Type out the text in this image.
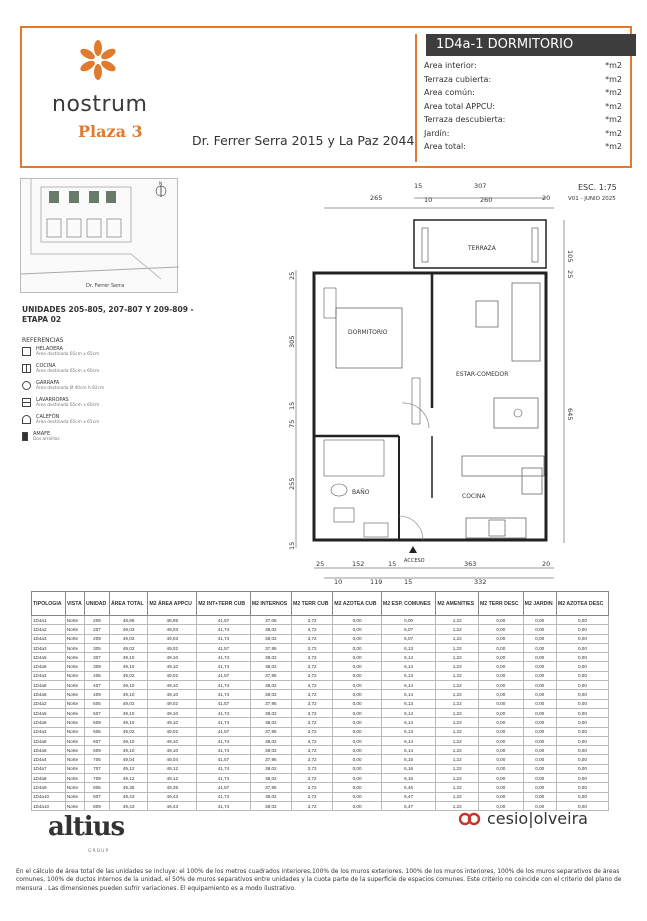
nostrum
Plaza 3	Dr. Ferrer Serra 2015 y La Paz 2044
1D4a-1 DORMITORIO
Area interior:	*m2
Terraza cubierta:	*m2
Area común:	*m2
Area total APPCU:	*m2
Terraza descubierta:	*m2
Jardín:	*m2
Area total:	*m2
N
Dr. Ferrer Serra
UNIDADES 205-805, 207-807 Y 209-809 - ETAPA 02
REFERENCIAS
HELADERA
Área destinada 65cm x 65cm
COCINA
Área destinada 65cm x 60cm
GARRAFA
Área destinada Ø 40cm h:92cm
LAVARROPAS
Área destinada 65cm x 60cm
CALEFÓN
Área destinada 65cm x 65cm
AMAFE
Dos arrolllos
ESC. 1:75
V01 - JUNIO 2025
TERRAZA
DORMITORIO
ESTAR-COMEDOR
BAÑO
COCINA
ACCESO
307
15
265	10	260	20
105
25
645
25
305
15
75
255
15
25	152	15	363	20
10	119	332
15
TIPOLOGIA	VISTA	UNIDAD	ÁREA TOTAL	M2 ÁREA APPCU	M2 INT+TERR CUB	M2 INTERNOS	M2 TERR CUB	M2 AZOTEA CUB	M2 ESP. COMUNES	M2 AMENITIES	M2 TERR DESC	M2 JARDIN	M2 AZOTEA DESC
1D4a1	Norte	206	48,95	48,95	41,57	37,05	3,72	0,00	0,00	1,22	0,00	0,00	0,00
1D4a2	Norte	207	49,03	49,03	41,74	38,02	3,72	0,00	5,07	1,22	0,00	0,00	0,00
1D4a3	Norte	209	49,03	49,03	41,74	38,02	3,72	0,00	5,07	1,22	0,00	0,00	0,00
1D4a2	Norte	305	49,02	49,02	41,57	37,95	3,72	0,00	6,13	1,22	0,00	0,00	0,00
1D4a5	Norte	307	49,10	49,10	41,74	38,02	3,72	0,00	6,14	1,22	0,00	0,00	0,00
1D4a6	Norte	309	49,10	49,10	41,74	38,02	3,72	0,00	6,14	1,22	0,00	0,00	0,00
1D4a2	Norte	405	49,02	49,02	41,57	37,95	3,72	0,00	6,13	1,22	0,00	0,00	0,00
1D4a8	Norte	407	49,10	49,10	41,74	38,02	3,72	0,00	6,14	1,22	0,00	0,00	0,00
1D4a6	Norte	409	49,10	49,10	41,74	38,02	3,72	0,00	6,14	1,22	0,00	0,00	0,00
1D4a2	Norte	505	49,02	49,02	41,57	37,95	3,72	0,00	6,13	1,22	0,00	0,00	0,00
1D4a5	Norte	507	49,10	49,10	41,74	38,02	3,72	0,00	6,14	1,22	0,00	0,00	0,00
1D4a6	Norte	509	49,10	49,10	41,74	38,02	3,72	0,00	6,14	1,22	0,00	0,00	0,00
1D4a2	Norte	605	49,02	49,02	41,57	37,95	3,72	0,00	6,13	1,22	0,00	0,00	0,00
1D4a8	Norte	607	49,10	49,10	41,74	38,02	3,72	0,00	6,14	1,22	0,00	0,00	0,00
1D4a6	Norte	609	49,10	49,10	41,74	38,02	3,72	0,00	6,14	1,22	0,00	0,00	0,00
1D4a4	Norte	705	49,04	49,04	41,57	37,95	3,72	0,00	6,15	1,22	0,00	0,00	0,00
1D4a7	Norte	707	49,12	49,12	41,74	38,02	3,72	0,00	6,16	1,22	0,00	0,00	0,00
1D4a8	Norte	709	49,12	49,12	41,74	38,02	3,72	0,00	6,16	1,22	0,00	0,00	0,00
1D4a9	Norte	805	49,35	49,35	41,57	37,95	3,72	0,00	6,46	1,22	0,00	0,00	0,00
1D4a10	Norte	807	49,43	49,43	41,74	38,02	3,72	0,00	6,47	1,22	0,00	0,00	0,00
1D4a10	Norte	809	49,43	49,43	41,74	38,02	3,72	0,00	6,47	1,22	0,00	0,00	0,00
altius
GROUP
cesio|olveira
En el cálculo de área total de las unidades se incluye: el 100% de los metros cuadrados interiores,100% de los muros exteriores. 100% de los muros interiores, 100% de los muros separativos de áreas comunes, 100% de ductos internos de la unidad, el 50% de muros separativos entre unidades y la cuota parte de la superficie de espacios comunes. Este criterio no coincide con el criterio del plano de mensura . Las dimensiones pueden sufrir variaciones. El equipamiento es a modo ilustrativo.
